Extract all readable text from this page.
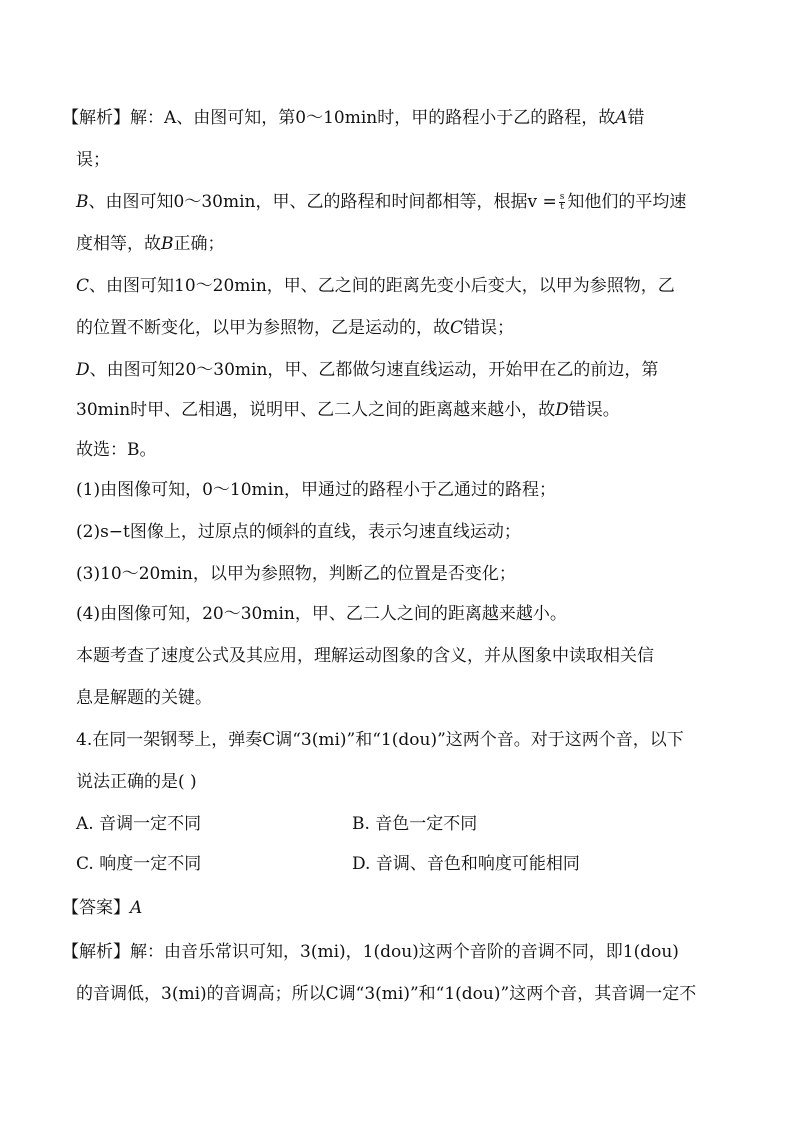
【解析】解：A、由图可知，第0～10min时，甲的路程小于乙的路程，故A错
误；
B、由图可知0～30min，甲、乙的路程和时间都相等，根据$v = \frac{s}{t}$ 知他们的平均速
度相等，故B正确；
C、由图可知10～20min，甲、乙之间的距离先变小后变大，以甲为参照物，乙
的位置不断变化，以甲为参照物，乙是运动的，故C错误；
D、由图可知20～30min，甲、乙都做匀速直线运动，开始甲在乙的前边，第
30min时甲、乙相遇，说明甲、乙二人之间的距离越来越小，故D错误。
故选：B。
(1)由图像可知，0～10min，甲通过的路程小于乙通过的路程；
(2)s−t图像上，过原点的倾斜的直线，表示匀速直线运动；
(3)10～20min，以甲为参照物，判断乙的位置是否变化；
(4)由图像可知，20～30min，甲、乙二人之间的距离越来越小。
本题考查了速度公式及其应用，理解运动图象的含义，并从图象中读取相关信
息是解题的关键。
4.在同一架钢琴上，弹奏C调“3(mi)”和“1(dou)”这两个音。对于这两个音，以下
说法正确的是( )
A. 音调一定不同	B. 音色一定不同
C. 响度一定不同	D. 音调、音色和响度可能相同
【答案】A
【解析】解：由音乐常识可知，3(mi)，1(dou)这两个音阶的音调不同，即1(dou)
的音调低，3(mi)的音调高；所以C调“3(mi)”和“1(dou)”这两个音，其音调一定不
